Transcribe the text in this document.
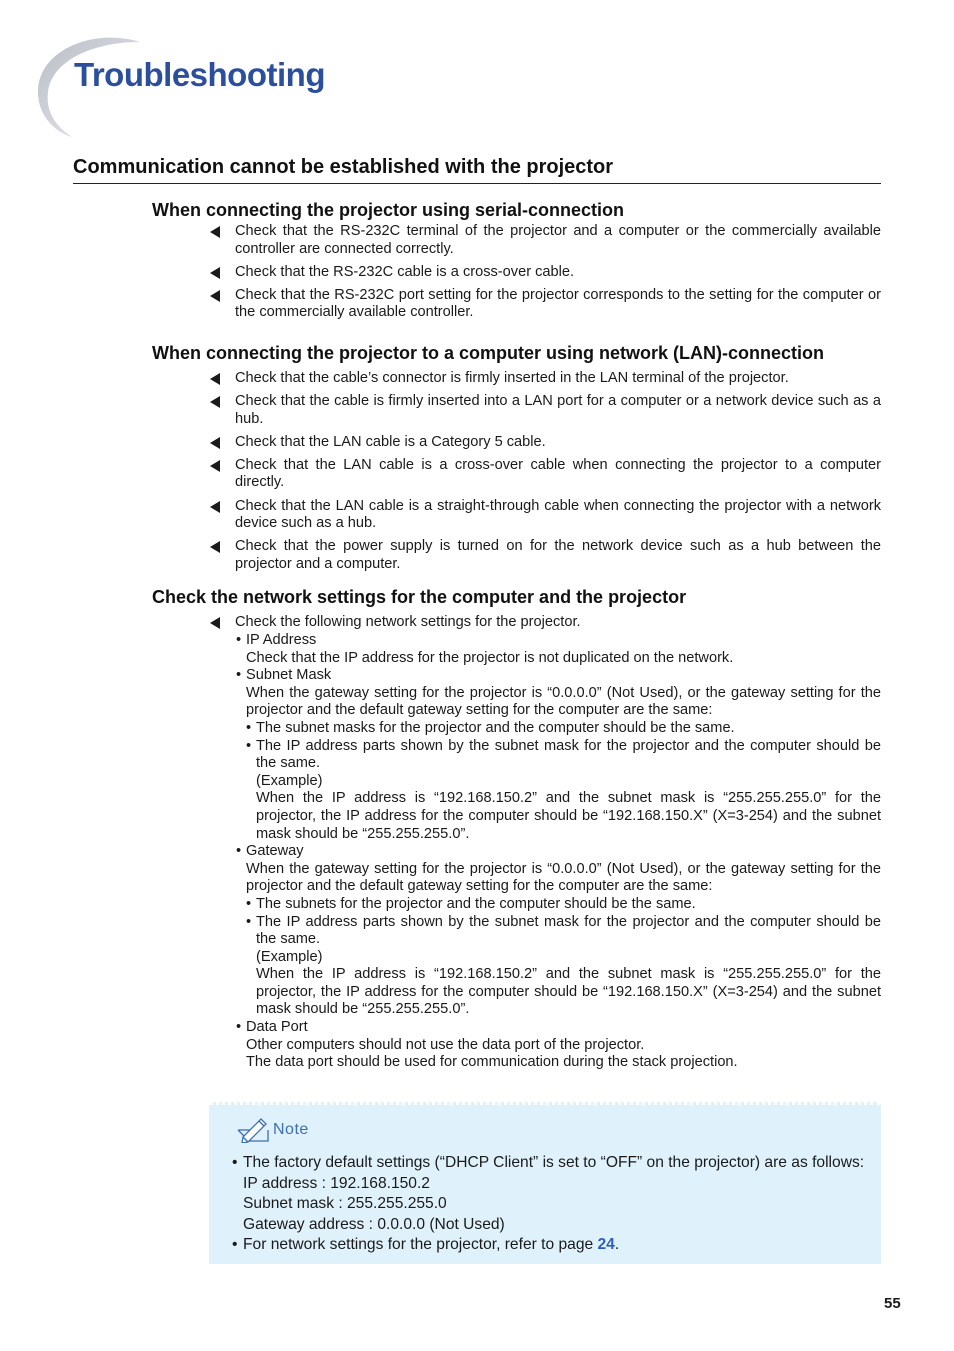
Troubleshooting
Communication cannot be established with the projector
When connecting the projector using serial-connection
Check that the RS-232C terminal of the projector and a computer or the commercially available controller are connected correctly.
Check that the RS-232C cable is a cross-over cable.
Check that the RS-232C port setting for the projector corresponds to the setting for the computer or the commercially available controller.
When connecting the projector to a computer using network (LAN)-connection
Check that the cable’s connector is firmly inserted in the LAN terminal of the projector.
Check that the cable is firmly inserted into a LAN port for a computer or a network device such as a hub.
Check that the LAN cable is a Category 5 cable.
Check that the LAN cable is a cross-over cable when connecting the projector to a computer directly.
Check that the LAN cable is a straight-through cable when connecting the projector with a network device such as a hub.
Check that the power supply is turned on for the network device such as a hub between the projector and a computer.
Check the network settings for the computer and the projector
Check the following network settings for the projector.
• IP Address
Check that the IP address for the projector is not duplicated on the network.
• Subnet Mask
When the gateway setting for the projector is “0.0.0.0” (Not Used), or the gateway setting for the projector and the default gateway setting for the computer are the same:
• The subnet masks for the projector and the computer should be the same.
• The IP address parts shown by the subnet mask for the projector and the computer should be the same.
(Example)
When the IP address is “192.168.150.2” and the subnet mask is “255.255.255.0” for the projector, the IP address for the computer should be “192.168.150.X” (X=3-254) and the subnet mask should be “255.255.255.0”.
• Gateway
When the gateway setting for the projector is “0.0.0.0” (Not Used), or the gateway setting for the projector and the default gateway setting for the computer are the same:
• The subnets for the projector and the computer should be the same.
• The IP address parts shown by the subnet mask for the projector and the computer should be the same.
(Example)
When the IP address is “192.168.150.2” and the subnet mask is “255.255.255.0” for the projector, the IP address for the computer should be “192.168.150.X” (X=3-254) and the subnet mask should be “255.255.255.0”.
• Data Port
Other computers should not use the data port of the projector.
The data port should be used for communication during the stack projection.
Note
• The factory default settings (“DHCP Client” is set to “OFF” on the projector) are as follows:
IP address : 192.168.150.2
Subnet mask : 255.255.255.0
Gateway address : 0.0.0.0 (Not Used)
• For network settings for the projector, refer to page 24.
55
